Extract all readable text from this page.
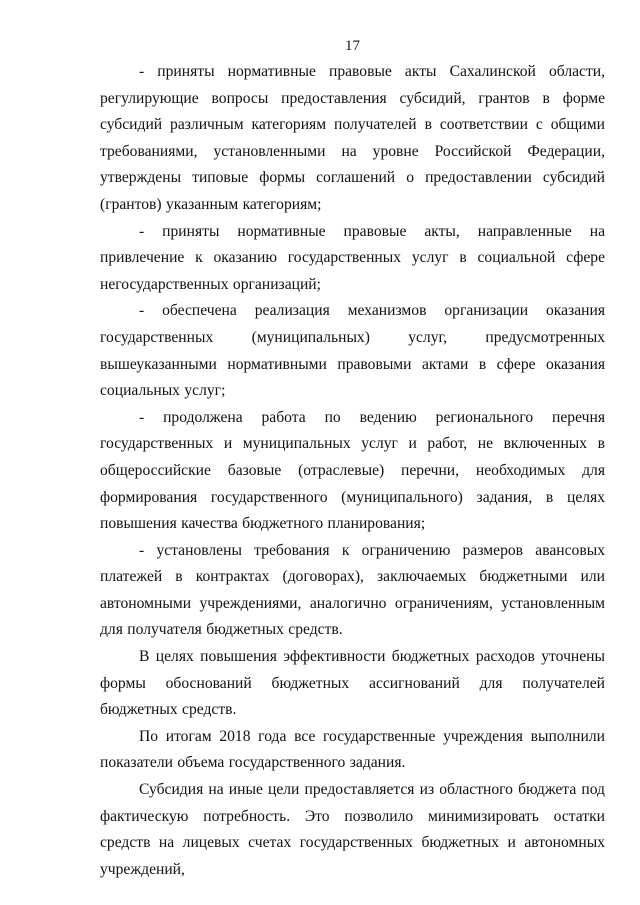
17

- приняты нормативные правовые акты Сахалинской области, регулирующие вопросы предоставления субсидий, грантов в форме субсидий различным категориям получателей в соответствии с общими требованиями, установленными на уровне Российской Федерации, утверждены типовые формы соглашений о предоставлении субсидий (грантов) указанным категориям;

- приняты нормативные правовые акты, направленные на привлечение к оказанию государственных услуг в социальной сфере негосударственных организаций;

- обеспечена реализация механизмов организации оказания государственных (муниципальных) услуг, предусмотренных вышеуказанными нормативными правовыми актами в сфере оказания социальных услуг;

- продолжена работа по ведению регионального перечня государственных и муниципальных услуг и работ, не включенных в общероссийские базовые (отраслевые) перечни, необходимых для формирования государственного (муниципального) задания, в целях повышения качества бюджетного планирования;

- установлены требования к ограничению размеров авансовых платежей в контрактах (договорах), заключаемых бюджетными или автономными учреждениями, аналогично ограничениям, установленным для получателя бюджетных средств.

В целях повышения эффективности бюджетных расходов уточнены формы обоснований бюджетных ассигнований для получателей бюджетных средств.

По итогам 2018 года все государственные учреждения выполнили показатели объема государственного задания.

Субсидия на иные цели предоставляется из областного бюджета под фактическую потребность. Это позволило минимизировать остатки средств на лицевых счетах государственных бюджетных и автономных учреждений,
